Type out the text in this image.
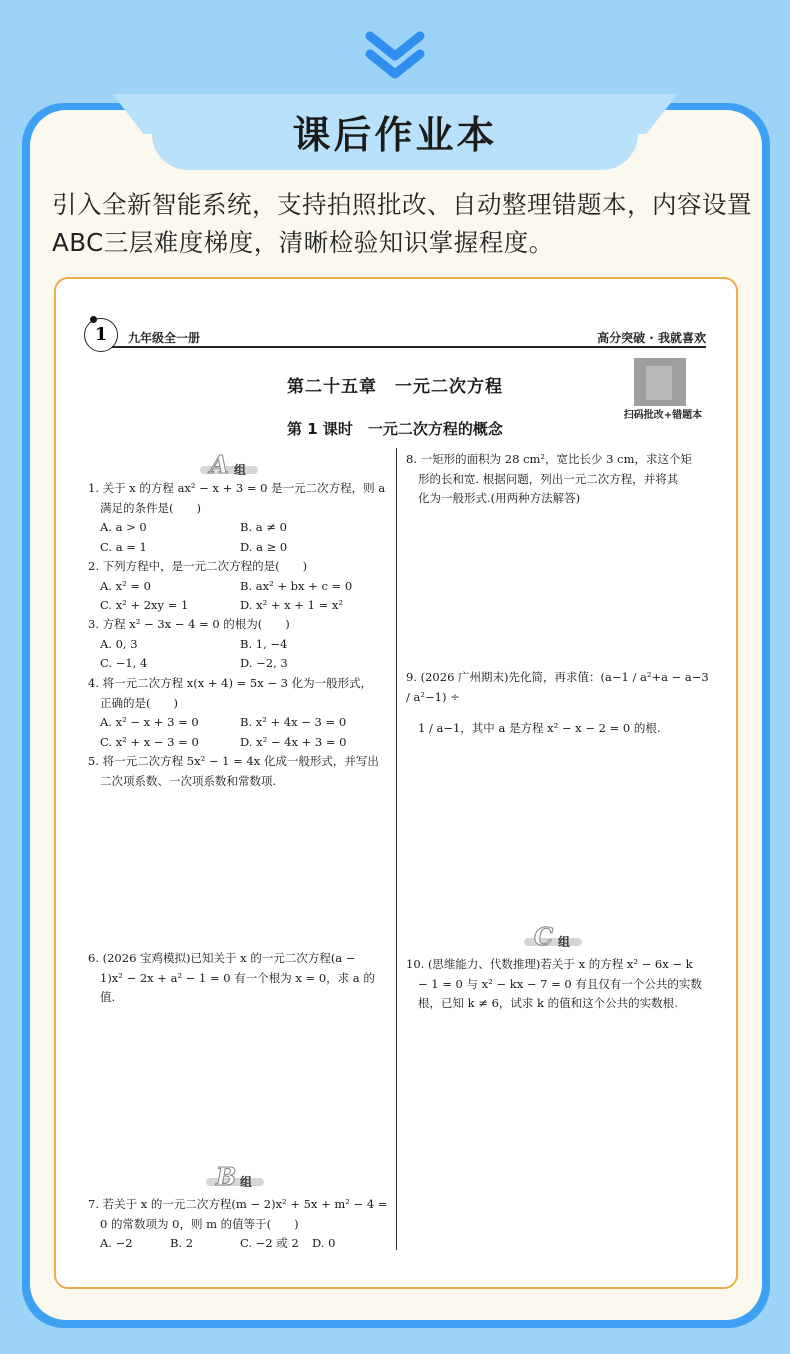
课后作业本
引入全新智能系统，支持拍照批改、自动整理错题本，内容设置ABC三层难度梯度，清晰检验知识掌握程度。
1	九年级全一册	高分突破 · 我就喜欢
扫码批改+错题本
第二十五章　一元二次方程
第 1 课时　一元二次方程的概念
A 组
1. 关于 x 的方程 ax² − x + 3 = 0 是一元二次方程，则 a
满足的条件是(　　)
A. a > 0	B. a ≠ 0
C. a = 1	D. a ≥ 0
2. 下列方程中，是一元二次方程的是(　　)
A. x² = 0	B. ax² + bx + c = 0
C. x² + 2xy = 1	D. x² + x + 1 = x²
3. 方程 x² − 3x − 4 = 0 的根为(　　)
A. 0, 3	B. 1, −4
C. −1, 4	D. −2, 3
4. 将一元二次方程 x(x + 4) = 5x − 3 化为一般形式，
正确的是(　　)
A. x² − x + 3 = 0	B. x² + 4x − 3 = 0
C. x² + x − 3 = 0	D. x² − 4x + 3 = 0
5. 将一元二次方程 5x² − 1 = 4x 化成一般形式，并写出
二次项系数、一次项系数和常数项.
6. (2026 宝鸡模拟)已知关于 x 的一元二次方程(a −
1)x² − 2x + a² − 1 = 0 有一个根为 x = 0，求 a 的值.
B 组
7. 若关于 x 的一元二次方程(m − 2)x² + 5x + m² − 4 =
0 的常数项为 0，则 m 的值等于(　　)
A. −2	B. 2	C. −2 或 2	D. 0
8. 一矩形的面积为 28 cm²，宽比长少 3 cm，求这个矩
形的长和宽. 根据问题，列出一元二次方程，并将其
化为一般形式.(用两种方法解答)
9. (2026 广州期末)先化简，再求值：(a−1 / a²+a − a−3 / a²−1) ÷
1 / a−1，其中 a 是方程 x² − x − 2 = 0 的根.
C 组
10. (思维能力、代数推理)若关于 x 的方程 x² − 6x − k
− 1 = 0 与 x² − kx − 7 = 0 有且仅有一个公共的实数
根，已知 k ≠ 6，试求 k 的值和这个公共的实数根.
